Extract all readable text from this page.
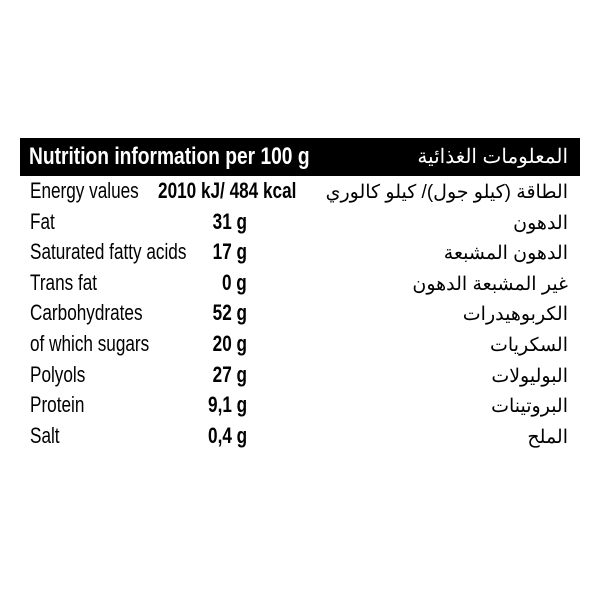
Nutrition information per 100 g	المعلومات الغذائية
Energy values 2010 kJ/ 484 kcal الطاقة (كيلو جول)/ كيلو كالوري
Fat	31 g	الدهون
Saturated fatty acids 17 g	الدهون المشبعة
Trans fat	0 g	غير المشبعة الدهون
Carbohydrates	52 g	الكربوهيدرات
of which sugars	20 g	السكريات
Polyols	27 g	البوليولات
Protein	9,1 g	البروتينات
Salt	0,4 g	الملح
